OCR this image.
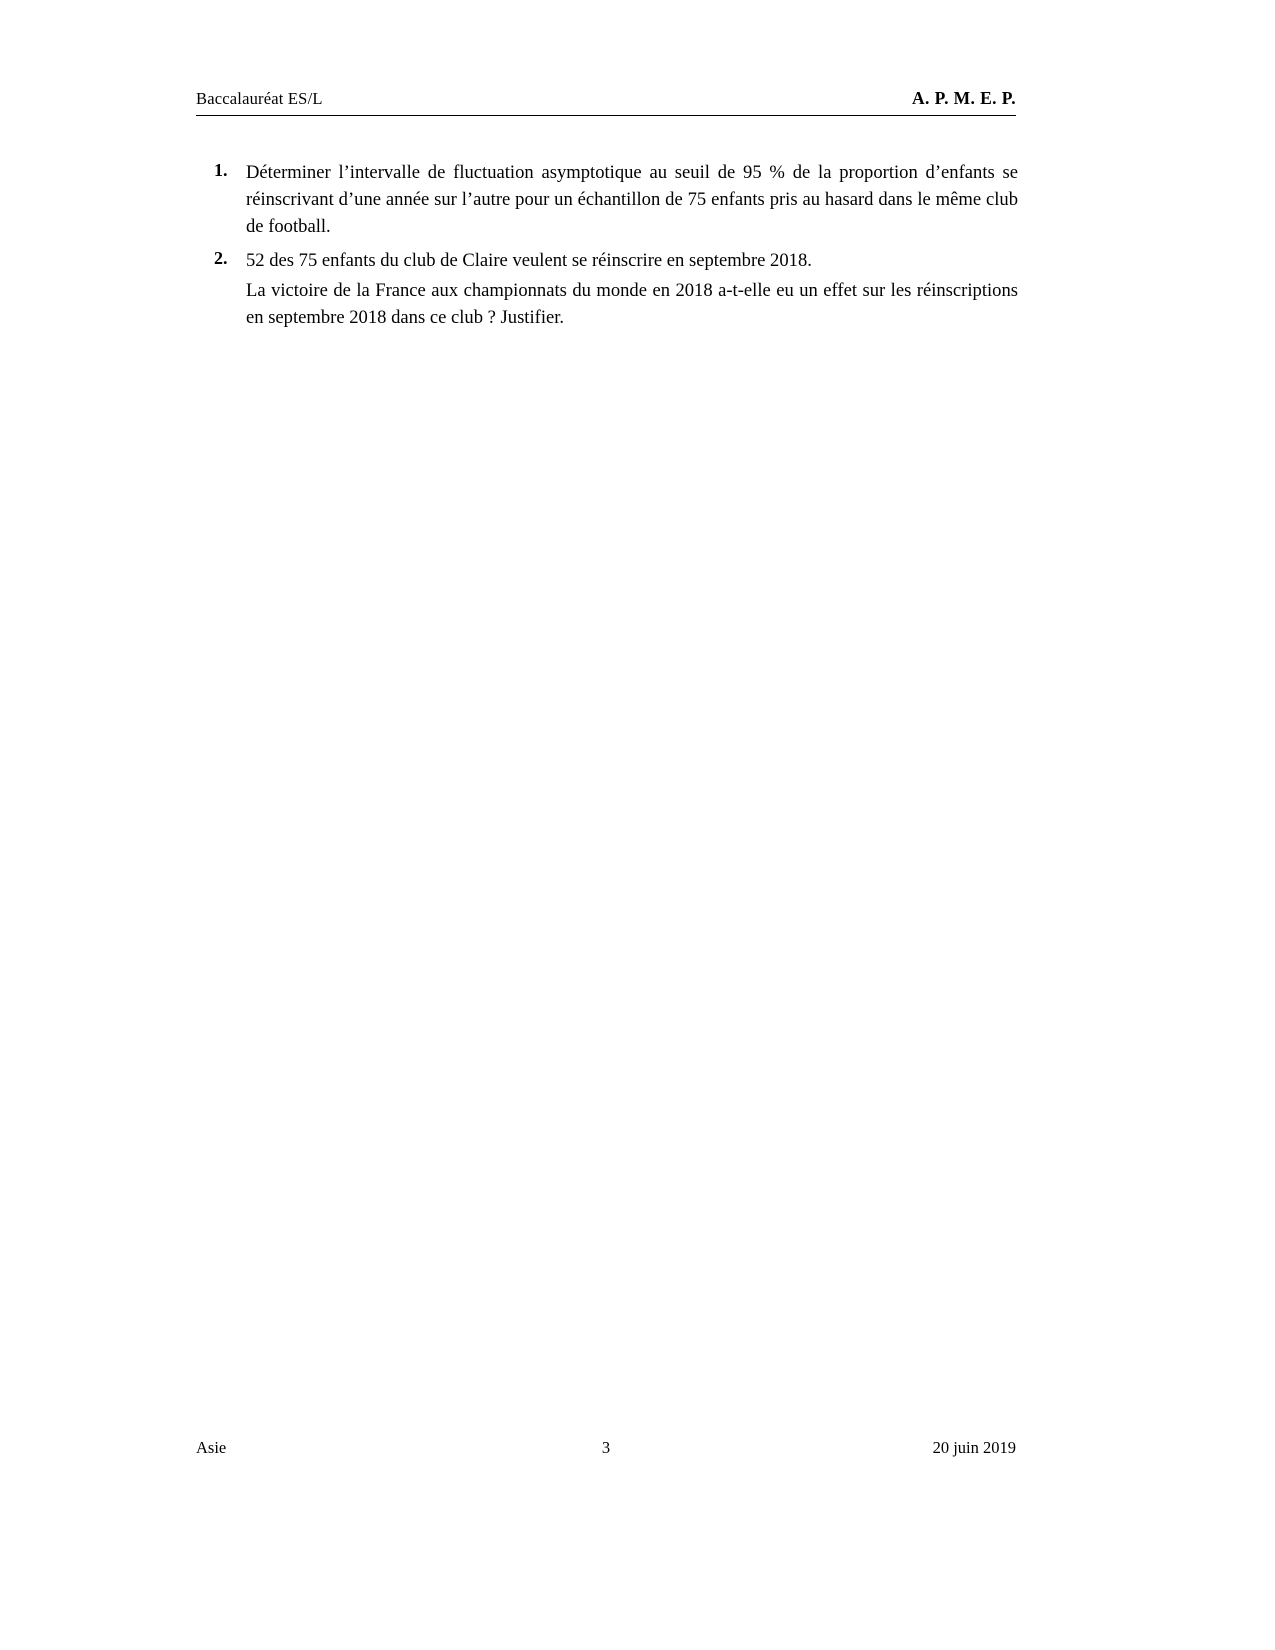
Baccalauréat ES/L	A. P. M. E. P.
1. Déterminer l’intervalle de fluctuation asymptotique au seuil de 95 % de la proportion d’enfants se réinscrivant d’une année sur l’autre pour un échantillon de 75 enfants pris au hasard dans le même club de football.
2. 52 des 75 enfants du club de Claire veulent se réinscrire en septembre 2018.
La victoire de la France aux championnats du monde en 2018 a-t-elle eu un effet sur les réinscriptions en septembre 2018 dans ce club ? Justifier.
Asie	3	20 juin 2019
